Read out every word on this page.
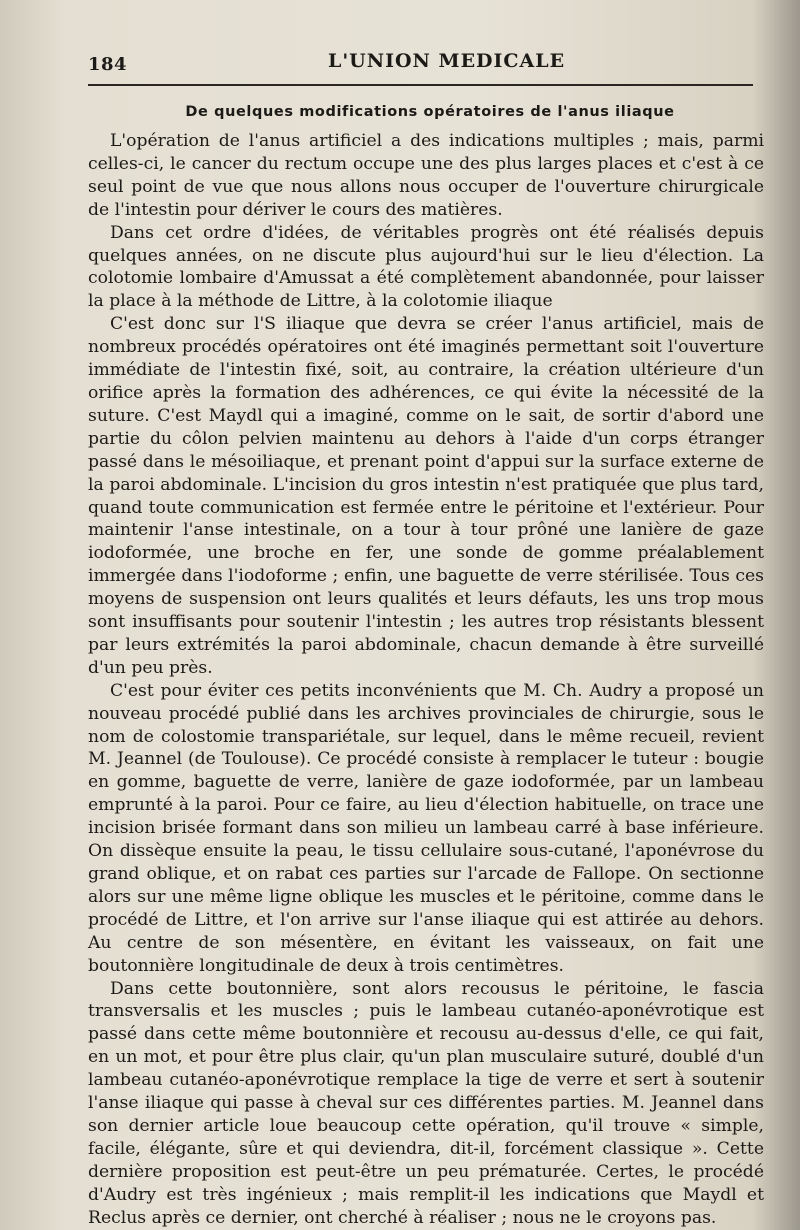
184	L'UNION MEDICALE
De quelques modifications opératoires de l'anus iliaque

L'opération de l'anus artificiel a des indications multiples ; mais, parmi celles-ci, le cancer du rectum occupe une des plus larges places et c'est à ce seul point de vue que nous allons nous occuper de l'ouverture chirurgicale de l'intestin pour dériver le cours des matières.

Dans cet ordre d'idées, de véritables progrès ont été réalisés depuis quelques années, on ne discute plus aujourd'hui sur le lieu d'élection. La colotomie lombaire d'Amussat a été complètement abandonnée, pour laisser la place à la méthode de Littre, à la colotomie iliaque

C'est donc sur l'S iliaque que devra se créer l'anus artificiel, mais de nombreux procédés opératoires ont été imaginés permettant soit l'ouverture immédiate de l'intestin fixé, soit, au contraire, la création ultérieure d'un orifice après la formation des adhérences, ce qui évite la nécessité de la suture. C'est Maydl qui a imaginé, comme on le sait, de sortir d'abord une partie du côlon pelvien maintenu au dehors à l'aide d'un corps étranger passé dans le mésoiliaque, et prenant point d'appui sur la surface externe de la paroi abdominale. L'incision du gros intestin n'est pratiquée que plus tard, quand toute communication est fermée entre le péritoine et l'extérieur. Pour maintenir l'anse intestinale, on a tour à tour prôné une lanière de gaze iodoformée, une broche en fer, une sonde de gomme préalablement immergée dans l'iodoforme ; enfin, une baguette de verre stérilisée. Tous ces moyens de suspension ont leurs qualités et leurs défauts, les uns trop mous sont insuffisants pour soutenir l'intestin ; les autres trop résistants blessent par leurs extrémités la paroi abdominale, chacun demande à être surveillé d'un peu près.

C'est pour éviter ces petits inconvénients que M. Ch. Audry a proposé un nouveau procédé publié dans les archives provinciales de chirurgie, sous le nom de colostomie transpariétale, sur lequel, dans le même recueil, revient M. Jeannel (de Toulouse). Ce procédé consiste à remplacer le tuteur : bougie en gomme, baguette de verre, lanière de gaze iodoformée, par un lambeau emprunté à la paroi. Pour ce faire, au lieu d'élection habituelle, on trace une incision brisée formant dans son milieu un lambeau carré à base inférieure. On dissèque ensuite la peau, le tissu cellulaire sous-cutané, l'aponévrose du grand oblique, et on rabat ces parties sur l'arcade de Fallope. On sectionne alors sur une même ligne oblique les muscles et le péritoine, comme dans le procédé de Littre, et l'on arrive sur l'anse iliaque qui est attirée au dehors. Au centre de son mésentère, en évitant les vaisseaux, on fait une boutonnière longitudinale de deux à trois centimètres.

Dans cette boutonnière, sont alors recousus le péritoine, le fascia transversalis et les muscles ; puis le lambeau cutanéo-aponévrotique est passé dans cette même boutonnière et recousu au-dessus d'elle, ce qui fait, en un mot, et pour être plus clair, qu'un plan musculaire suturé, doublé d'un lambeau cutanéo-aponévrotique remplace la tige de verre et sert à soutenir l'anse iliaque qui passe à cheval sur ces différentes parties. M. Jeannel dans son dernier article loue beaucoup cette opération, qu'il trouve « simple, facile, élégante, sûre et qui deviendra, dit-il, forcément classique ». Cette dernière proposition est peut-être un peu prématurée. Certes, le procédé d'Audry est très ingénieux ; mais remplit-il les indications que Maydl et Reclus après ce dernier, ont cherché à réaliser ; nous ne le croyons pas.
